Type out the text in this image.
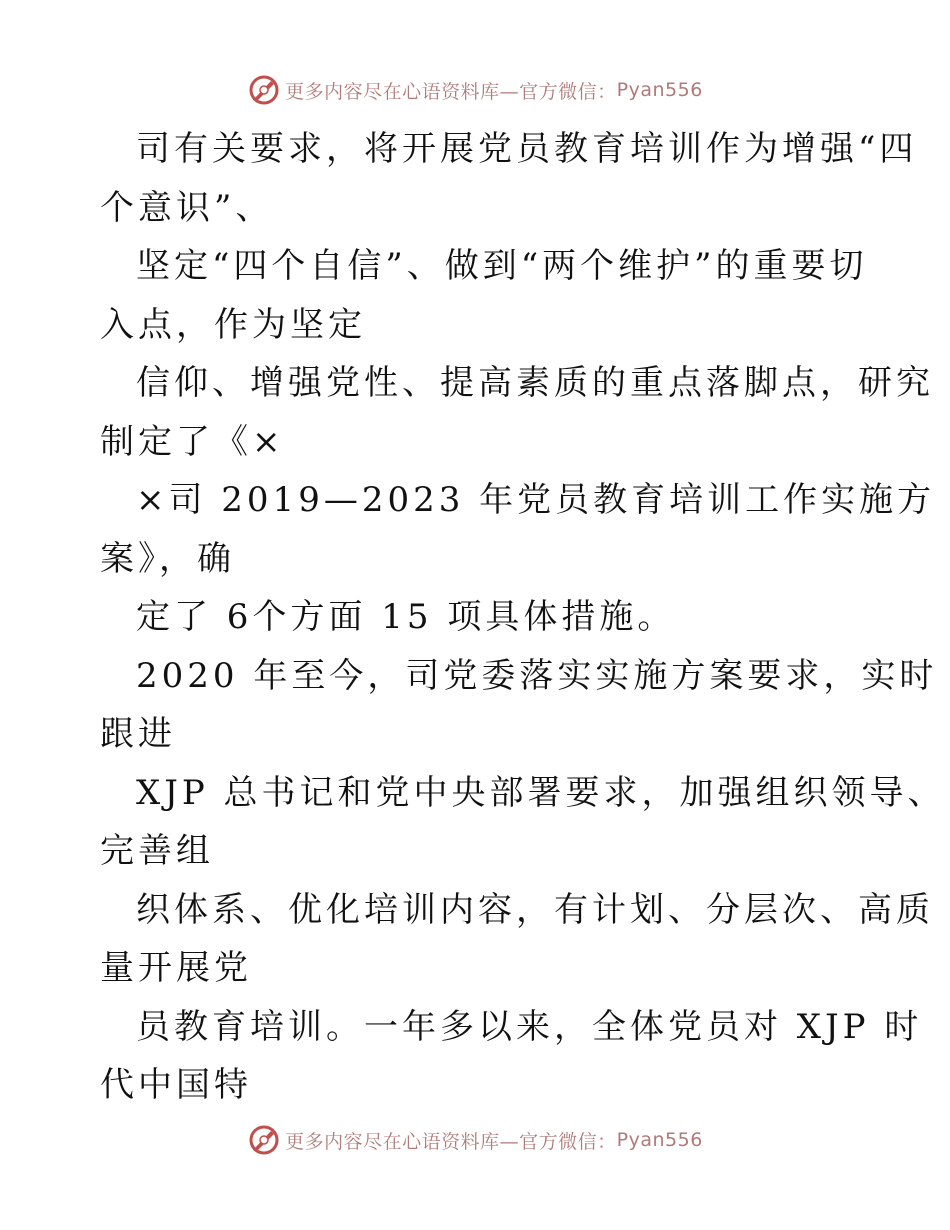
更多内容尽在心语资料库—官方微信： Pyan556
司有关要求，将开展党员教育培训作为增强“四
个意识”、
坚定“四个自信”、做到“两个维护”的重要切
入点，作为坚定
信仰、增强党性、提高素质的重点落脚点，研究
制定了《×
×司 2019—2023 年党员教育培训工作实施方
案》，确
定了 6个方面 15 项具体措施。
2020 年至今，司党委落实实施方案要求，实时
跟进
XJP 总书记和党中央部署要求，加强组织领导、
完善组
织体系、优化培训内容，有计划、分层次、高质
量开展党
员教育培训。一年多以来，全体党员对 XJP 时
代中国特
更多内容尽在心语资料库—官方微信： Pyan556
